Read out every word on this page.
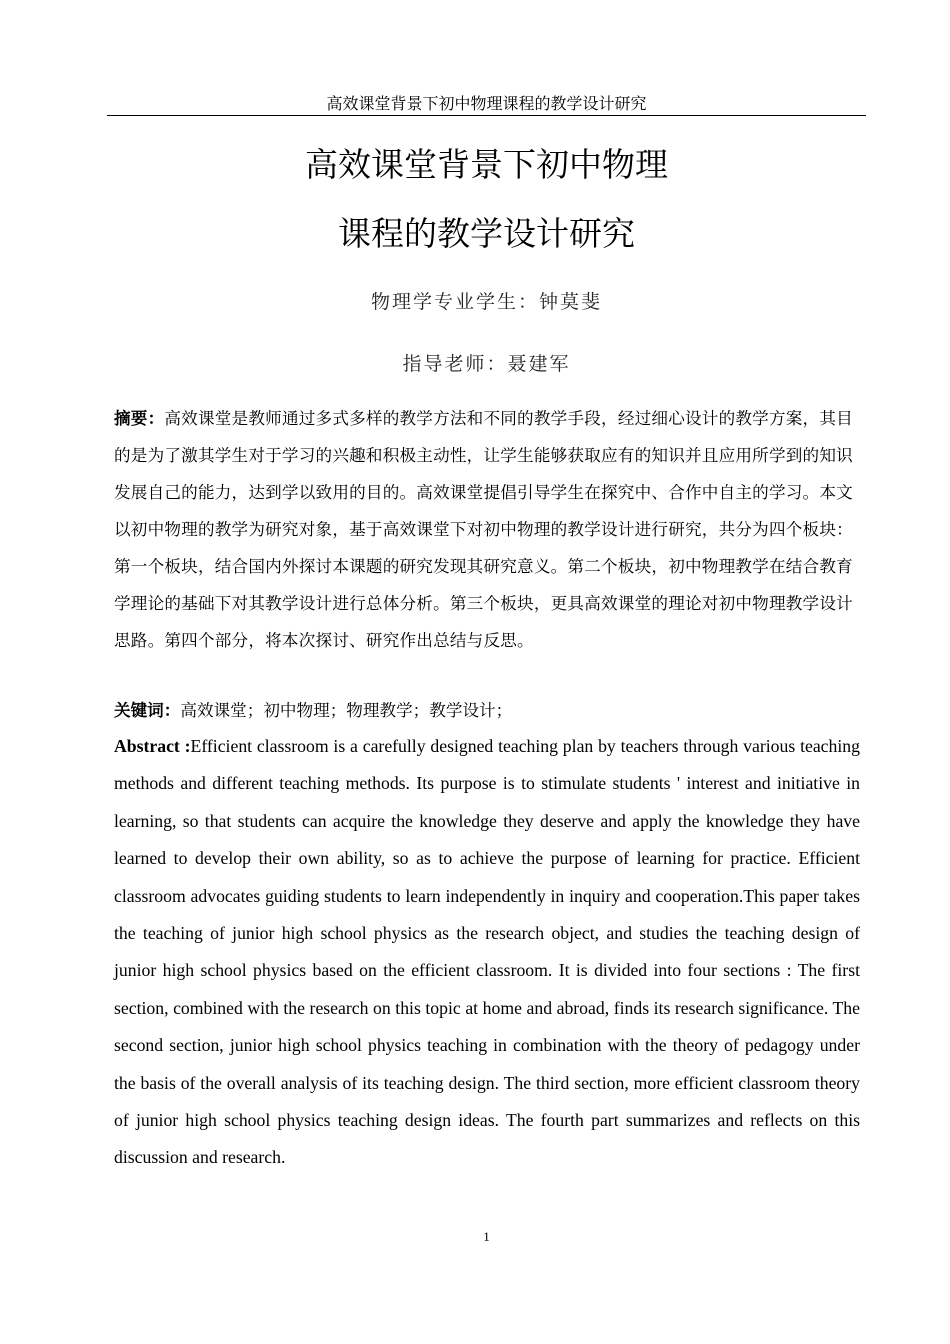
高效课堂背景下初中物理课程的教学设计研究
高效课堂背景下初中物理
课程的教学设计研究
物理学专业学生：钟莫斐
指导老师：聂建军
摘要：高效课堂是教师通过多式多样的教学方法和不同的教学手段，经过细心设计的教学方案，其目的是为了激其学生对于学习的兴趣和积极主动性，让学生能够获取应有的知识并且应用所学到的知识发展自己的能力，达到学以致用的目的。高效课堂提倡引导学生在探究中、合作中自主的学习。本文以初中物理的教学为研究对象，基于高效课堂下对初中物理的教学设计进行研究，共分为四个板块：第一个板块，结合国内外探讨本课题的研究发现其研究意义。第二个板块，初中物理教学在结合教育学理论的基础下对其教学设计进行总体分析。第三个板块，更具高效课堂的理论对初中物理教学设计思路。第四个部分，将本次探讨、研究作出总结与反思。
关键词：高效课堂；初中物理；物理教学；教学设计；
Abstract :Efficient classroom is a carefully designed teaching plan by teachers through various teaching methods and different teaching methods. Its purpose is to stimulate students ' interest and initiative in learning, so that students can acquire the knowledge they deserve and apply the knowledge they have learned to develop their own ability, so as to achieve the purpose of learning for practice. Efficient classroom advocates guiding students to learn independently in inquiry and cooperation.This paper takes the teaching of junior high school physics as the research object, and studies the teaching design of junior high school physics based on the efficient classroom. It is divided into four sections : The first section, combined with the research on this topic at home and abroad, finds its research significance. The second section, junior high school physics teaching in combination with the theory of pedagogy under the basis of the overall analysis of its teaching design. The third section, more efficient classroom theory of junior high school physics teaching design ideas. The fourth part summarizes and reflects on this discussion and research.
1
